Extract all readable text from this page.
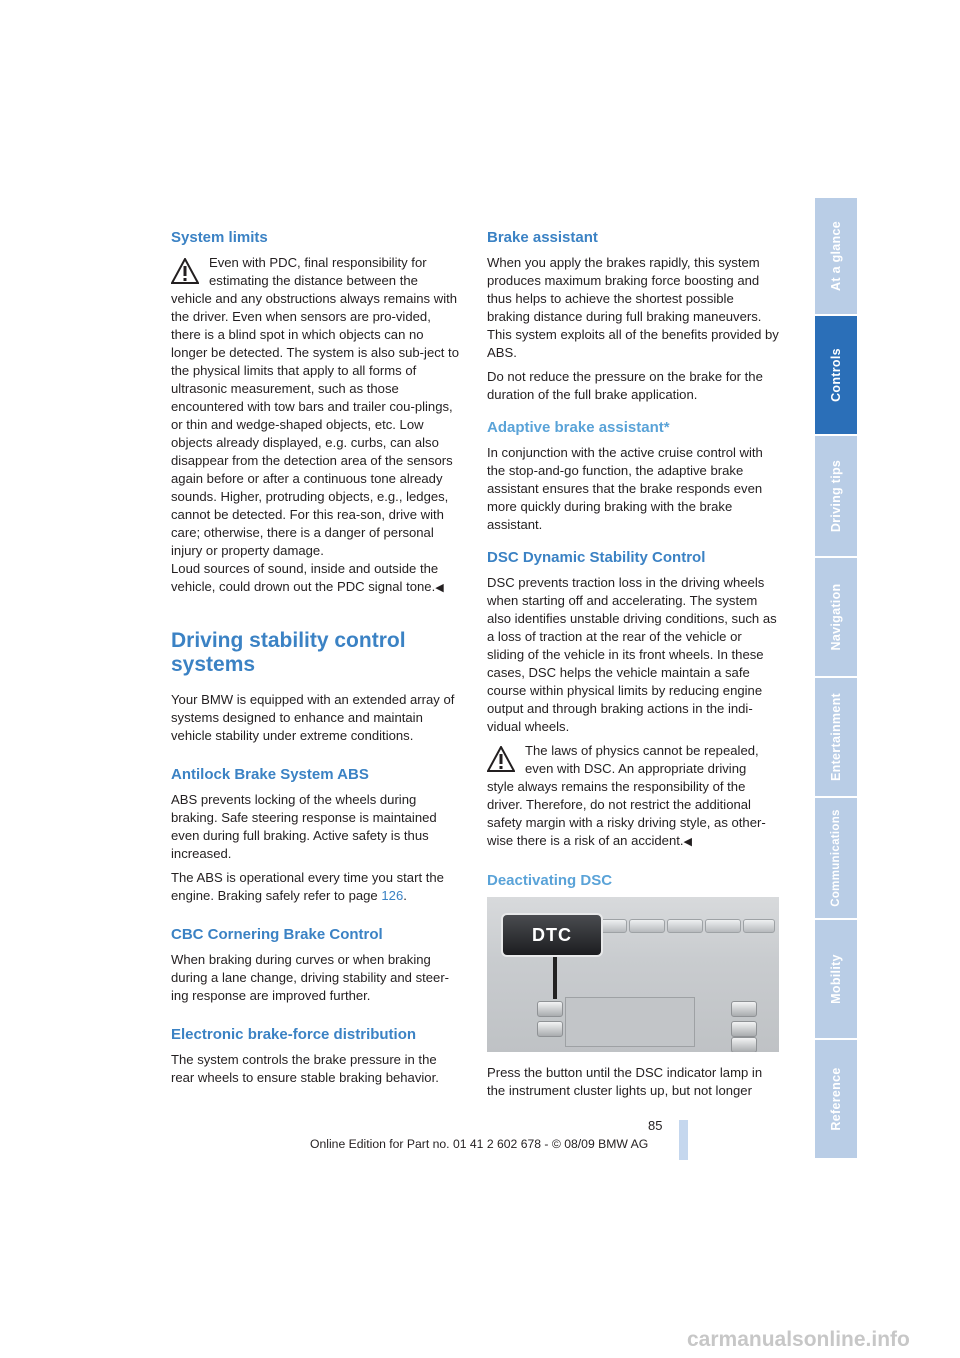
System limits

Even with PDC, final responsibility for estimating the distance between the

vehicle and any obstructions always remains with the driver. Even when sensors are pro-vided, there is a blind spot in which objects can no longer be detected. The system is also sub-ject to the physical limits that apply to all forms of ultrasonic measurement, such as those encountered with tow bars and trailer cou-plings, or thin and wedge-shaped objects, etc. Low objects already displayed, e.g. curbs, can also disappear from the detection area of the sensors again before or after a continuous tone already sounds. Higher, protruding objects, e.g., ledges, cannot be detected. For this rea-son, drive with care; otherwise, there is a danger of personal injury or property damage.

Loud sources of sound, inside and outside the vehicle, could drown out the PDC signal tone.◀

Driving stability control systems

Your BMW is equipped with an extended array of systems designed to enhance and maintain vehicle stability under extreme conditions.

Antilock Brake System ABS

ABS prevents locking of the wheels during braking. Safe steering response is maintained even during full braking. Active safety is thus increased.

The ABS is operational every time you start the engine. Braking safely refer to page 126.

CBC Cornering Brake Control

When braking during curves or when braking during a lane change, driving stability and steer-ing response are improved further.

Electronic brake-force distribution

The system controls the brake pressure in the rear wheels to ensure stable braking behavior.

Brake assistant

When you apply the brakes rapidly, this system produces maximum braking force boosting and thus helps to achieve the shortest possible braking distance during full braking maneuvers. This system exploits all of the benefits provided by ABS.

Do not reduce the pressure on the brake for the duration of the full brake application.

Adaptive brake assistant*

In conjunction with the active cruise control with the stop-and-go function, the adaptive brake assistant ensures that the brake responds even more quickly during braking with the brake assistant.

DSC Dynamic Stability Control

DSC prevents traction loss in the driving wheels when starting off and accelerating. The system also identifies unstable driving conditions, such as a loss of traction at the rear of the vehicle or sliding of the vehicle in its front wheels. In these cases, DSC helps the vehicle maintain a safe course within physical limits by reducing engine output and through braking actions in the indi-vidual wheels.

The laws of physics cannot be repealed, even with DSC. An appropriate driving

style always remains the responsibility of the driver. Therefore, do not restrict the additional safety margin with a risky driving style, as other-wise there is a risk of an accident.◀

Deactivating DSC
DTC

Press the button until the DSC indicator lamp in the instrument cluster lights up, but not longer

At a glance
Controls
Driving tips
Navigation
Entertainment
Communications
Mobility
Reference
85
Online Edition for Part no. 01 41 2 602 678 - © 08/09 BMW AG
carmanualsonline.info
